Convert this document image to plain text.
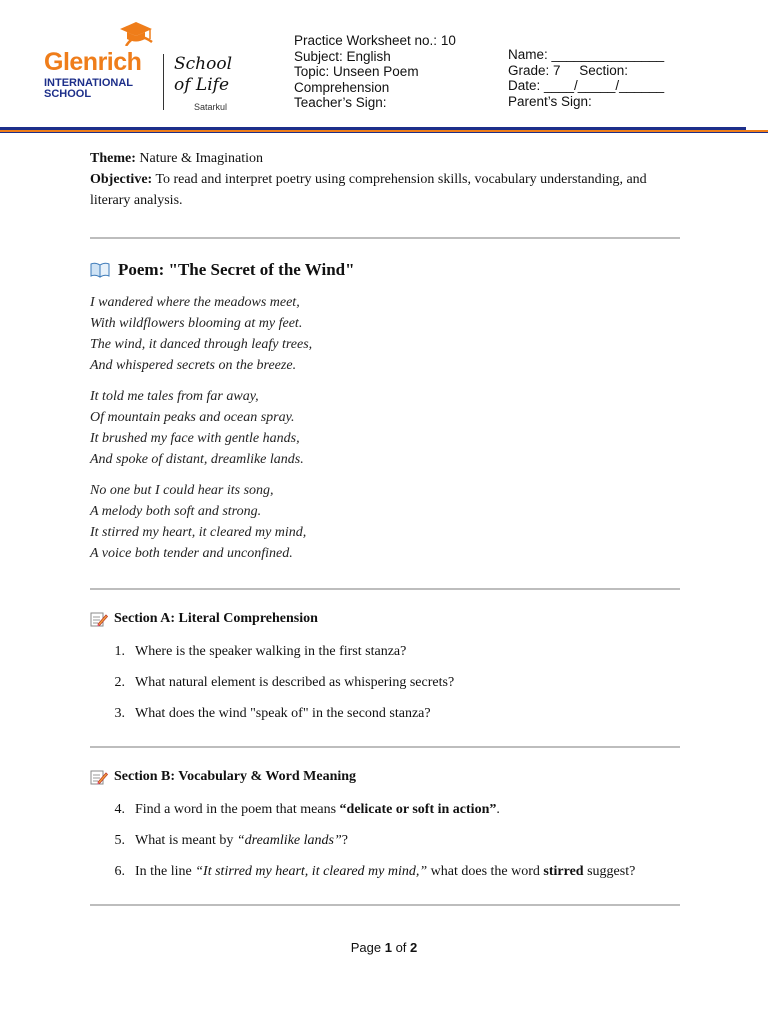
Glenrich
INTERNATIONAL
SCHOOL
School
of Life
Satarkul
Practice Worksheet no.: 10
Subject: English
Topic: Unseen Poem
Comprehension
Teacher’s Sign:
Name: _______________
Grade: 7     Section:
Date: ____/_____/______
Parent’s Sign:

Theme: Nature & Imagination

Objective: To read and interpret poetry using comprehension skills, vocabulary understanding, and literary analysis.

Poem: "The Secret of the Wind"
I wandered where the meadows meet,
With wildflowers blooming at my feet.
The wind, it danced through leafy trees,
And whispered secrets on the breeze.
It told me tales from far away,
Of mountain peaks and ocean spray.
It brushed my face with gentle hands,
And spoke of distant, dreamlike lands.
No one but I could hear its song,
A melody both soft and strong.
It stirred my heart, it cleared my mind,
A voice both tender and unconfined.
Section A: Literal Comprehension
1. Where is the speaker walking in the first stanza?
2. What natural element is described as whispering secrets?
3. What does the wind "speak of" in the second stanza?
Section B: Vocabulary & Word Meaning
4. Find a word in the poem that means “delicate or soft in action”.
5. What is meant by “dreamlike lands”?
6. In the line “It stirred my heart, it cleared my mind,” what does the word stirred suggest?
Page 1 of 2
